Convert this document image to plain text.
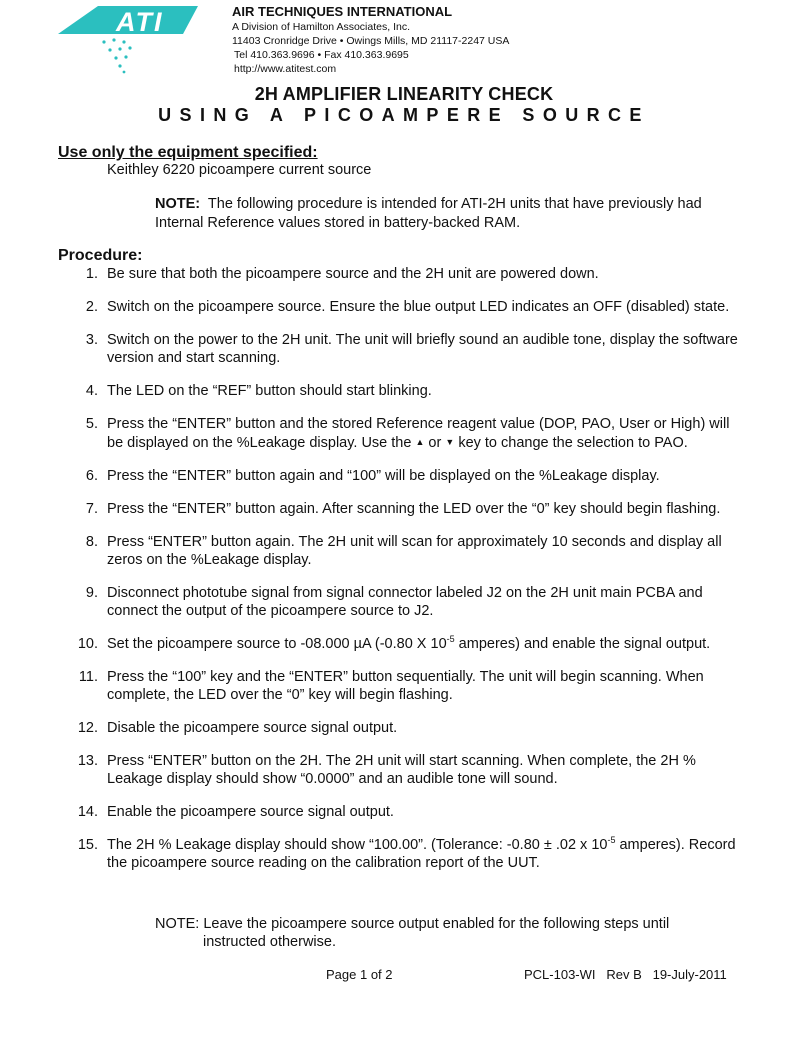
ATI	AIR TECHNIQUES INTERNATIONAL
A Division of Hamilton Associates, Inc.
11403 Cronridge Drive • Owings Mills, MD 21117-2247 USA
Tel 410.363.9696 • Fax 410.363.9695
http://www.atitest.com
2H AMPLIFIER LINEARITY CHECK
USING A PICOAMPERE SOURCE
Use only the equipment specified:
Keithley 6220 picoampere current source
NOTE: The following procedure is intended for ATI-2H units that have previously had Internal Reference values stored in battery-backed RAM.
Procedure:
1. Be sure that both the picoampere source and the 2H unit are powered down.
2. Switch on the picoampere source. Ensure the blue output LED indicates an OFF (disabled) state.
3. Switch on the power to the 2H unit. The unit will briefly sound an audible tone, display the software version and start scanning.
4. The LED on the “REF” button should start blinking.
5. Press the “ENTER” button and the stored Reference reagent value (DOP, PAO, User or High) will be displayed on the %Leakage display. Use the ▲ or ▼ key to change the selection to PAO.
6. Press the “ENTER” button again and “100” will be displayed on the %Leakage display.
7. Press the “ENTER” button again. After scanning the LED over the “0” key should begin flashing.
8. Press “ENTER” button again. The 2H unit will scan for approximately 10 seconds and display all zeros on the %Leakage display.
9. Disconnect phototube signal from signal connector labeled J2 on the 2H unit main PCBA and connect the output of the picoampere source to J2.
10. Set the picoampere source to -08.000 µA (-0.80 X $10^{-5}$ amperes) and enable the signal output.
11. Press the “100” key and the “ENTER” button sequentially. The unit will begin scanning. When complete, the LED over the “0” key will begin flashing.
12. Disable the picoampere source signal output.
13. Press “ENTER” button on the 2H. The 2H unit will start scanning. When complete, the 2H % Leakage display should show “0.0000” and an audible tone will sound.
14. Enable the picoampere source signal output.
15. The 2H % Leakage display should show “100.00”. (Tolerance: -0.80 ± .02 x $10^{-5}$ amperes). Record the picoampere source reading on the calibration report of the UUT.
NOTE: Leave the picoampere source output enabled for the following steps until
instructed otherwise.
Page 1 of 2	PCL-103-WI   Rev B   19-July-2011
